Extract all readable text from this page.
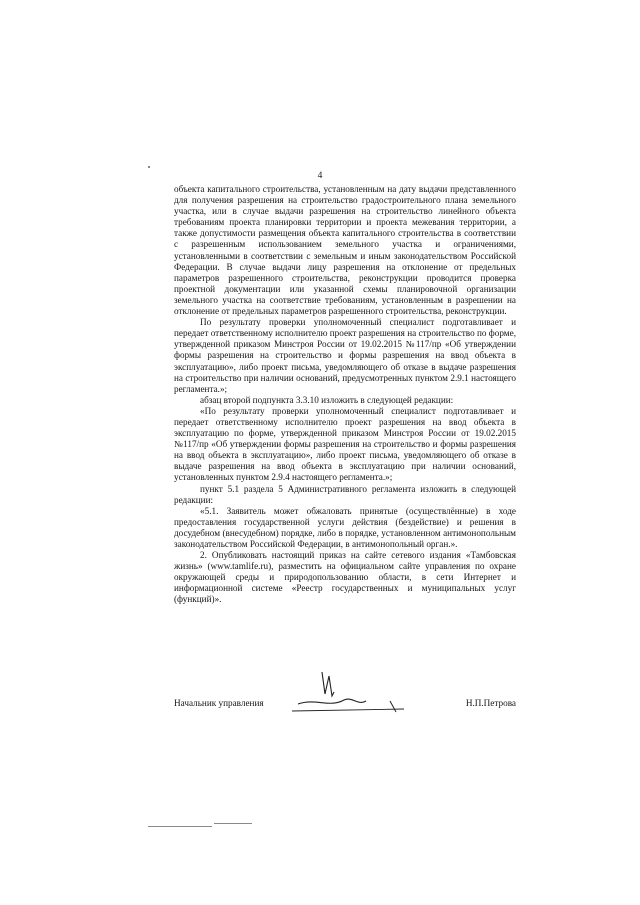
4

объекта капитального строительства, установленным на дату выдачи представленного для получения разрешения на строительство градостроительного плана земельного участка, или в случае выдачи разрешения на строительство линейного объекта требованиям проекта планировки территории и проекта межевания территории, а также допустимости размещения объекта капитального строительства в соответствии с разрешенным использованием земельного участка и ограничениями, установленными в соответствии с земельным и иным законодательством Российской Федерации. В случае выдачи лицу разрешения на отклонение от предельных параметров разрешенного строительства, реконструкции проводится проверка проектной документации или указанной схемы планировочной организации земельного участка на соответствие требованиям, установленным в разрешении на отклонение от предельных параметров разрешенного строительства, реконструкции.

По результату проверки уполномоченный специалист подготавливает и передает ответственному исполнителю проект разрешения на строительство по форме, утвержденной приказом Минстроя России от 19.02.2015 №117/пр «Об утверждении формы разрешения на строительство и формы разрешения на ввод объекта в эксплуатацию», либо проект письма, уведомляющего об отказе в выдаче разрешения на строительство при наличии оснований, предусмотренных пунктом 2.9.1 настоящего регламента.»;

абзац второй подпункта 3.3.10 изложить в следующей редакции:

«По результату проверки уполномоченный специалист подготавливает и передает ответственному исполнителю проект разрешения на ввод объекта в эксплуатацию по форме, утвержденной приказом Минстроя России от 19.02.2015 №117/пр «Об утверждении формы разрешения на строительство и формы разрешения на ввод объекта в эксплуатацию», либо проект письма, уведомляющего об отказе в выдаче разрешения на ввод объекта в эксплуатацию при наличии оснований, установленных пунктом 2.9.4 настоящего регламента.»;

пункт 5.1 раздела 5 Административного регламента изложить в следующей редакции:

«5.1. Заявитель может обжаловать принятые (осуществлённые) в ходе предоставления государственной услуги действия (бездействие) и решения в досудебном (внесудебном) порядке, либо в порядке, установленном антимонопольным законодательством Российской Федерации, в антимонопольный орган.».

2. Опубликовать настоящий приказ на сайте сетевого издания «Тамбовская жизнь» (www.tamlife.ru), разместить на официальном сайте управления по охране окружающей среды и природопользованию области, в сети Интернет и информационной системе «Реестр государственных и муниципальных услуг (функций)».

Начальник управления	Н.П.Петрова
